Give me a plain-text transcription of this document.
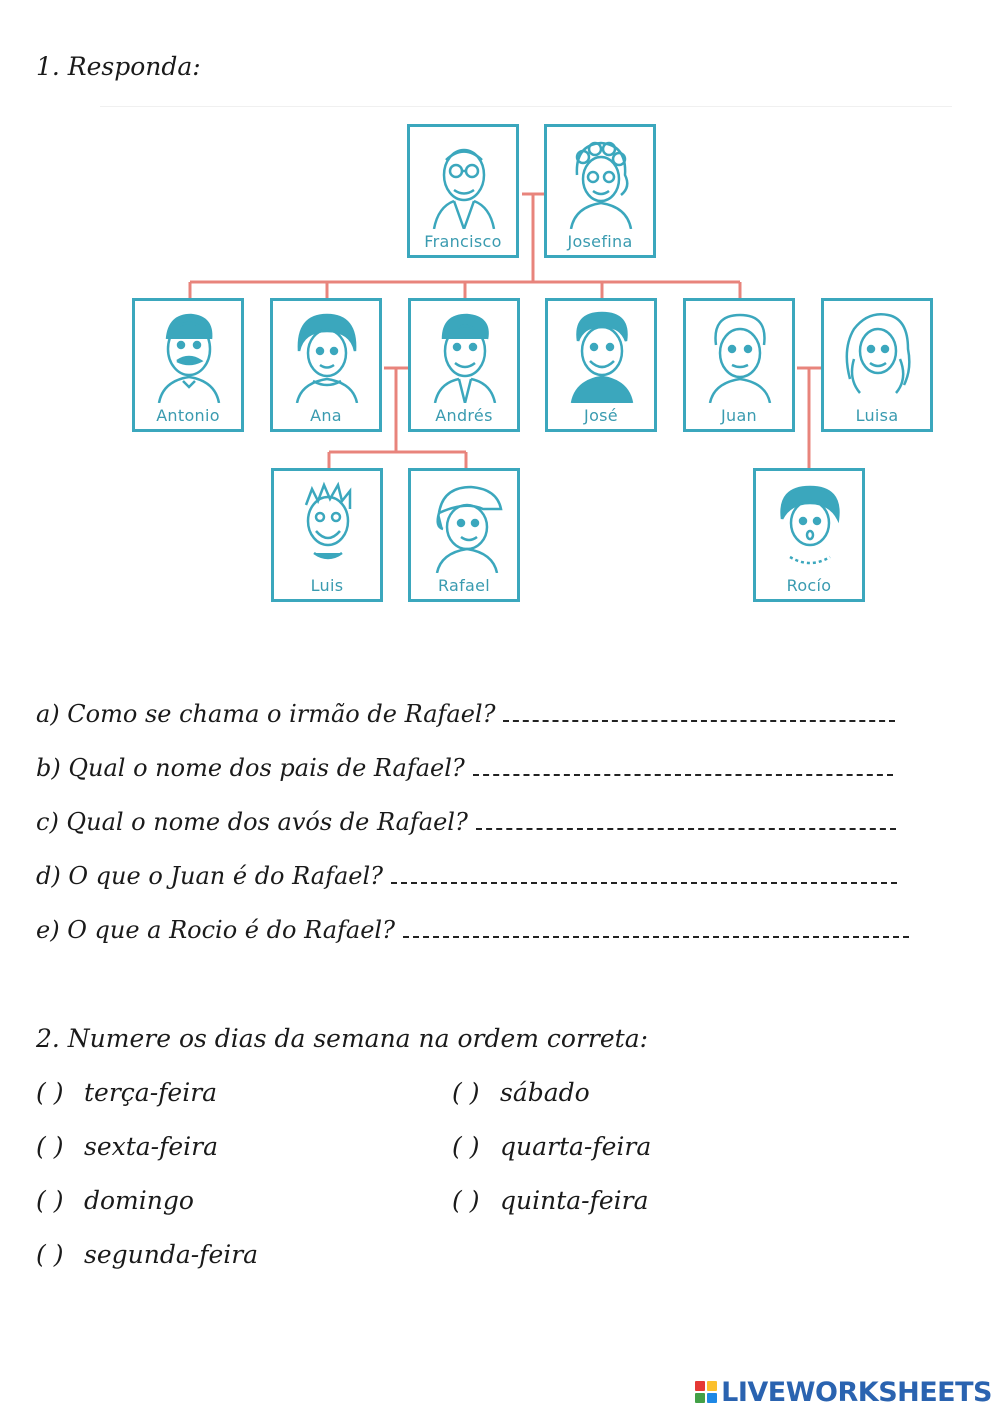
1. Responda:
Francisco	Josefina
Antonio	Ana	Andrés	José	Juan	Luisa
Luis	Rafael	Rocío
a) Como se chama o irmão de Rafael?
b) Qual o nome dos pais de Rafael?
c) Qual o nome dos avós de Rafael?
d) O que o Juan é do Rafael?
e) O que a Rocio é do Rafael?
2. Numere os dias da semana na ordem correta:
( ) terça-feira
( ) sexta-feira
( ) domingo
( ) segunda-feira
( ) sábado
( ) quarta-feira
( ) quinta-feira
LIVEWORKSHEETS
